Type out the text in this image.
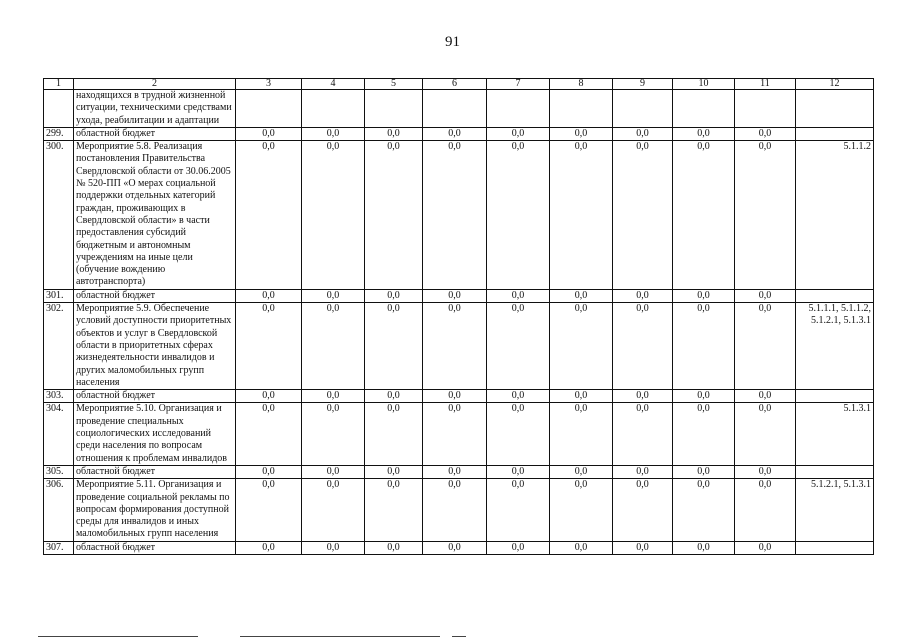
91
1	2	3	4	5	6	7	8	9	10	11	12
	находящихся в трудной жизненной ситуации, техническими средствами ухода, реабилитации и адаптации										
299.	областной бюджет	0,0	0,0	0,0	0,0	0,0	0,0	0,0	0,0	0,0	
300.	Мероприятие 5.8. Реализация постановления Правительства Свердловской области от 30.06.2005 № 520-ПП «О мерах социальной поддержки отдельных категорий граждан, проживающих в Свердловской области» в части предоставления субсидий бюджетным и автономным учреждениям на иные цели (обучение вождению автотранспорта)	0,0	0,0	0,0	0,0	0,0	0,0	0,0	0,0	0,0	5.1.1.2
301.	областной бюджет	0,0	0,0	0,0	0,0	0,0	0,0	0,0	0,0	0,0	
302.	Мероприятие 5.9. Обеспечение условий доступности приоритетных объектов и услуг в Свердловской области в приоритетных сферах жизнедеятельности инвалидов и других маломобильных групп населения	0,0	0,0	0,0	0,0	0,0	0,0	0,0	0,0	0,0	5.1.1.1, 5.1.1.2, 5.1.2.1, 5.1.3.1
303.	областной бюджет	0,0	0,0	0,0	0,0	0,0	0,0	0,0	0,0	0,0	
304.	Мероприятие 5.10. Организация и проведение специальных социологических исследований среди населения по вопросам отношения к проблемам инвалидов	0,0	0,0	0,0	0,0	0,0	0,0	0,0	0,0	0,0	5.1.3.1
305.	областной бюджет	0,0	0,0	0,0	0,0	0,0	0,0	0,0	0,0	0,0	
306.	Мероприятие 5.11. Организация и проведение социальной рекламы по вопросам формирования доступной среды для инвалидов и иных маломобильных групп населения	0,0	0,0	0,0	0,0	0,0	0,0	0,0	0,0	0,0	5.1.2.1, 5.1.3.1
307.	областной бюджет	0,0	0,0	0,0	0,0	0,0	0,0	0,0	0,0	0,0	
